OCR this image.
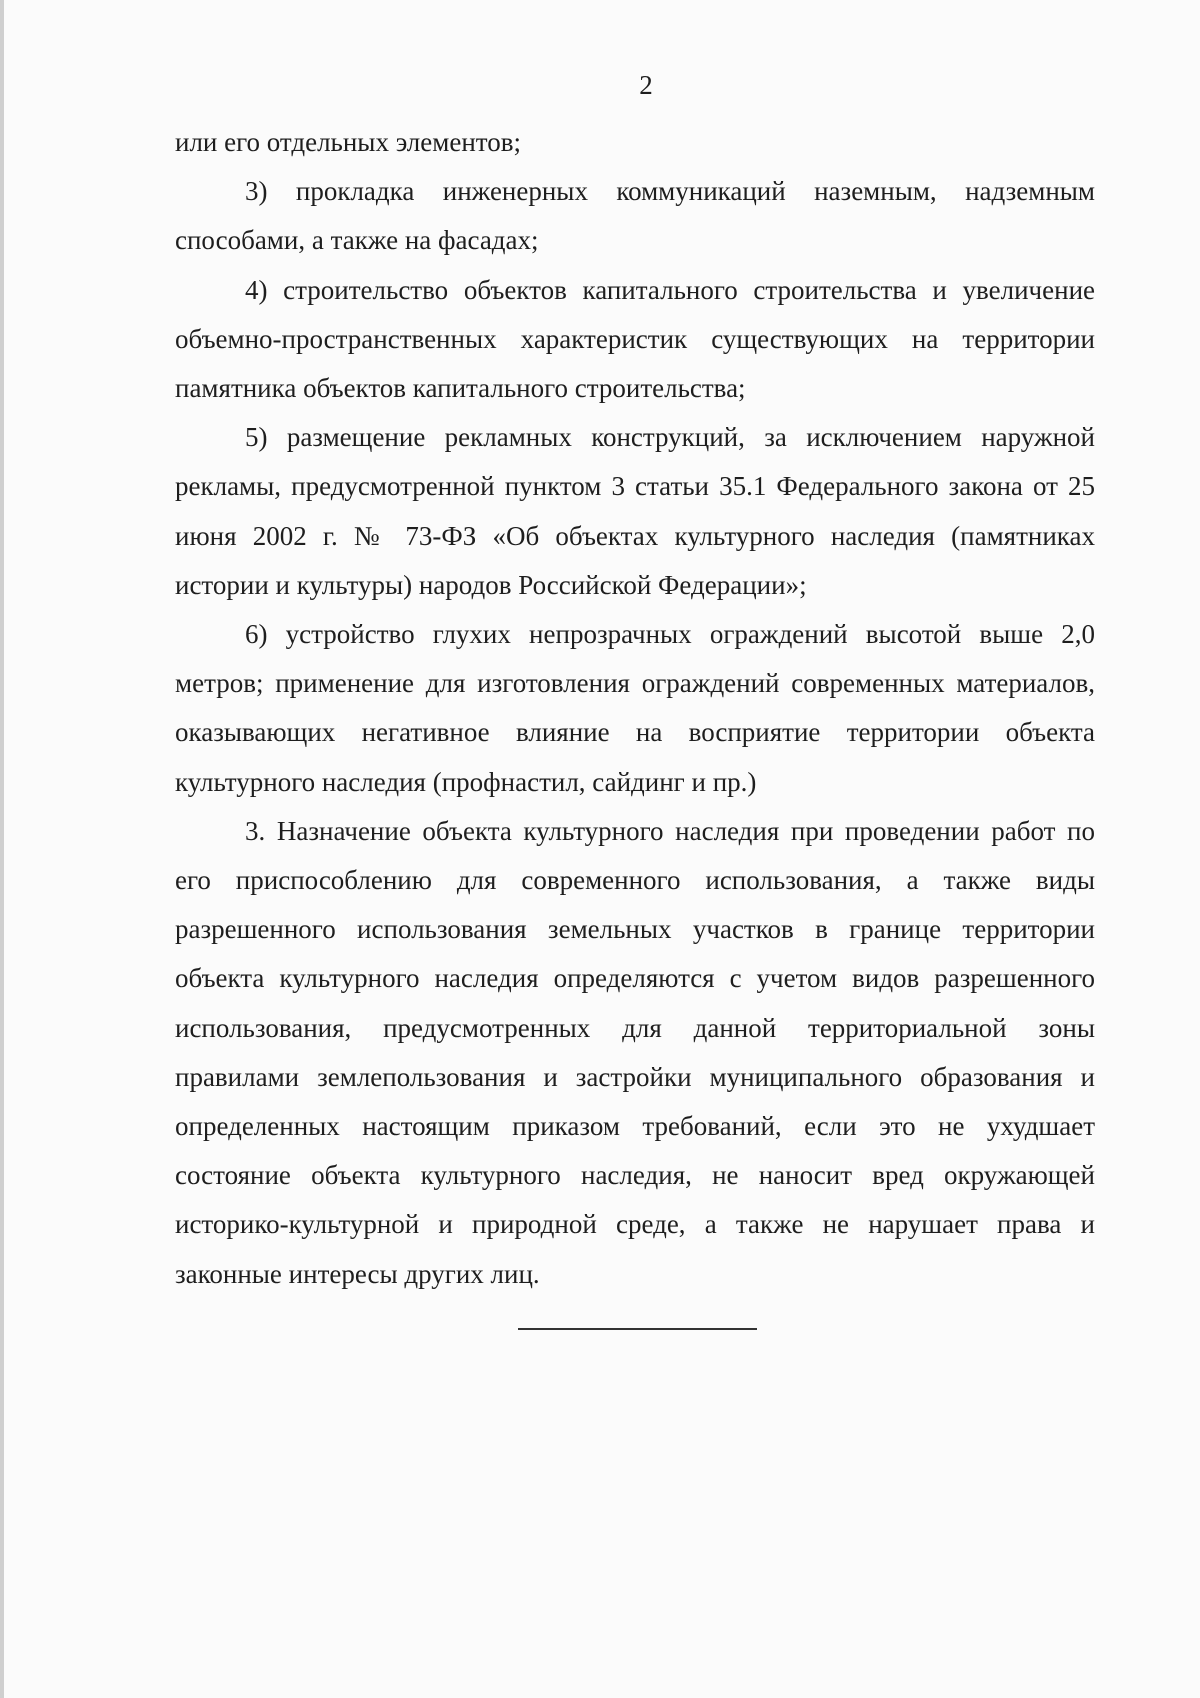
2

или его отдельных элементов;

3) прокладка инженерных коммуникаций наземным, надземным способами, а также на фасадах;

4) строительство объектов капитального строительства и увеличение объемно-пространственных характеристик существующих на территории памятника объектов капитального строительства;

5) размещение рекламных конструкций, за исключением наружной рекламы, предусмотренной пунктом 3 статьи 35.1 Федерального закона от 25 июня 2002 г. № 73-ФЗ «Об объектах культурного наследия (памятниках истории и культуры) народов Российской Федерации»;

6) устройство глухих непрозрачных ограждений высотой выше 2,0 метров; применение для изготовления ограждений современных материалов, оказывающих негативное влияние на восприятие территории объекта культурного наследия (профнастил, сайдинг и пр.)

3. Назначение объекта культурного наследия при проведении работ по его приспособлению для современного использования, а также виды разрешенного использования земельных участков в границе территории объекта культурного наследия определяются с учетом видов разрешенного использования, предусмотренных для данной территориальной зоны правилами землепользования и застройки муниципального образования и определенных настоящим приказом требований, если это не ухудшает состояние объекта культурного наследия, не наносит вред окружающей историко-культурной и природной среде, а также не нарушает права и законные интересы других лиц.
